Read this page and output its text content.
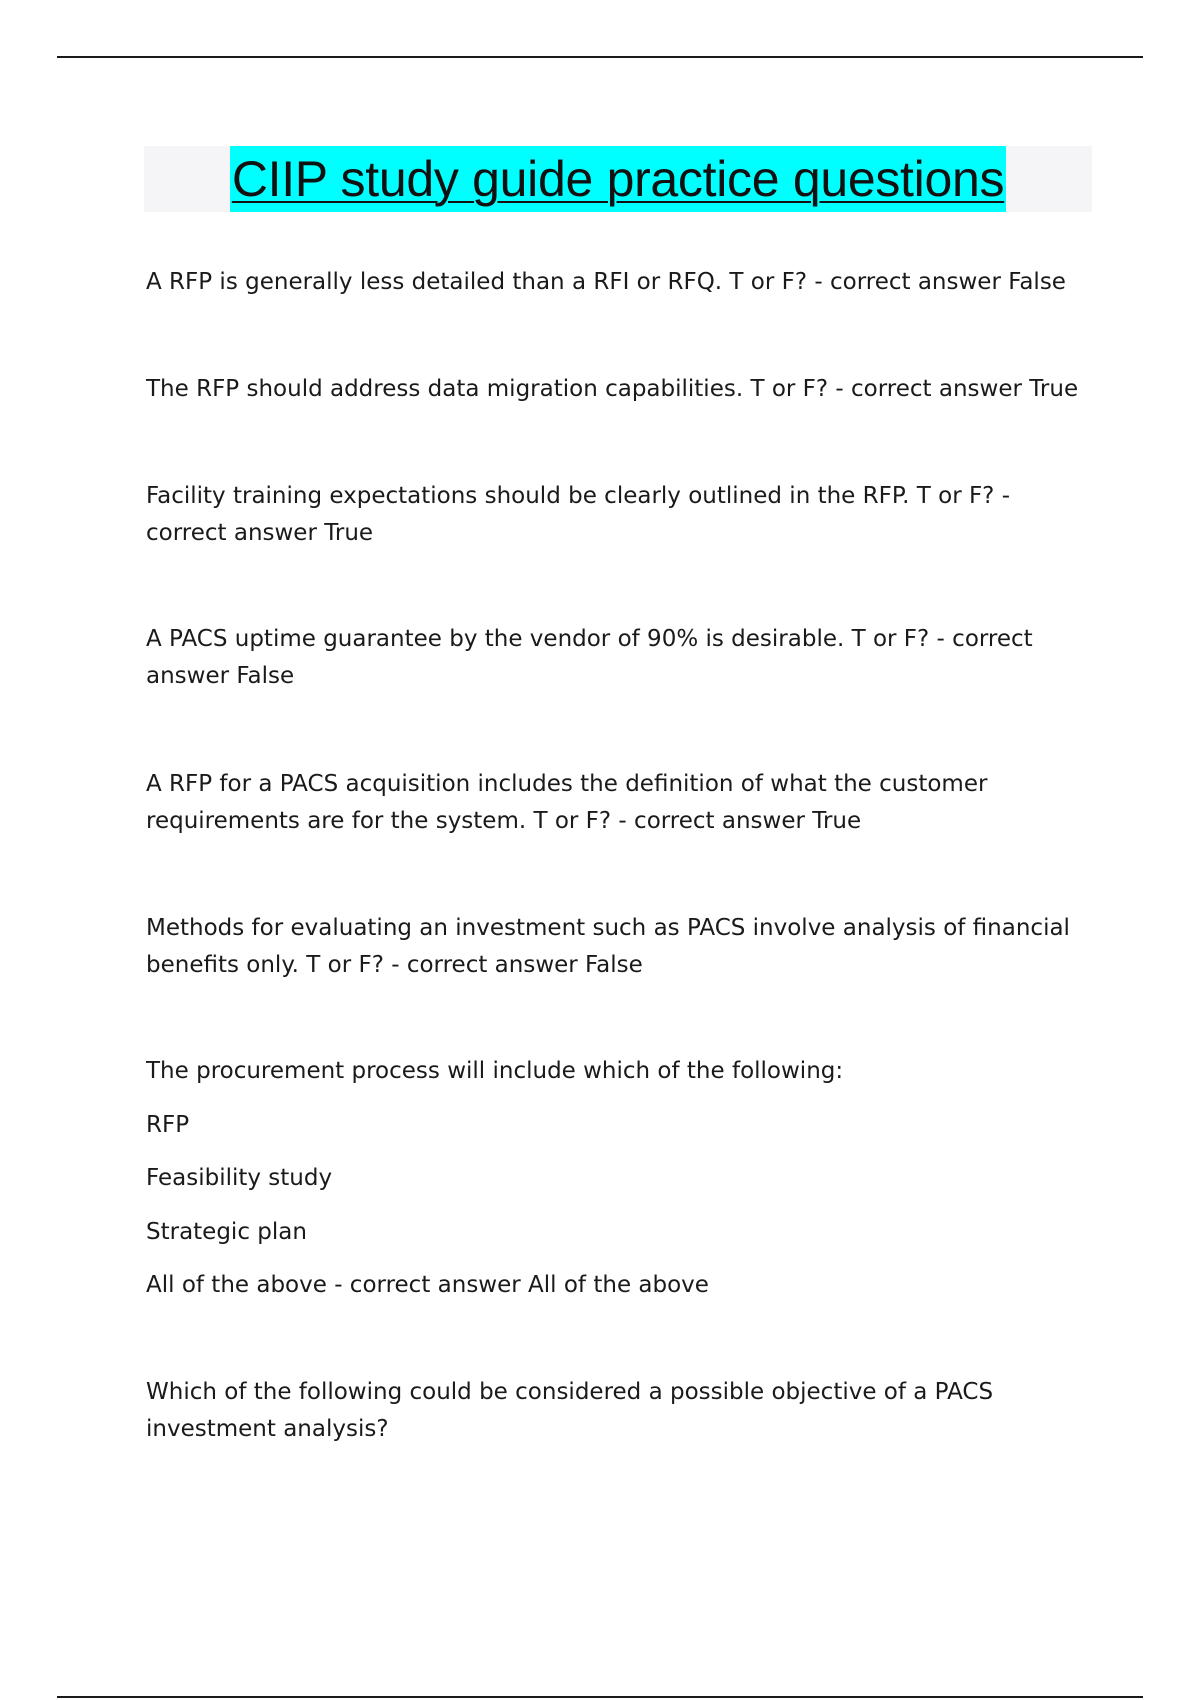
CIIP study guide practice questions

A RFP is generally less detailed than a RFI or RFQ. T or F? - correct answer False

The RFP should address data migration capabilities. T or F? - correct answer True

Facility training expectations should be clearly outlined in the RFP. T or F? - correct answer True

A PACS uptime guarantee by the vendor of 90% is desirable. T or F? - correct answer False

A RFP for a PACS acquisition includes the definition of what the customer requirements are for the system. T or F? - correct answer True

Methods for evaluating an investment such as PACS involve analysis of financial benefits only. T or F? - correct answer False

The procurement process will include which of the following:

RFP

Feasibility study

Strategic plan

All of the above - correct answer All of the above

Which of the following could be considered a possible objective of a PACS investment analysis?
